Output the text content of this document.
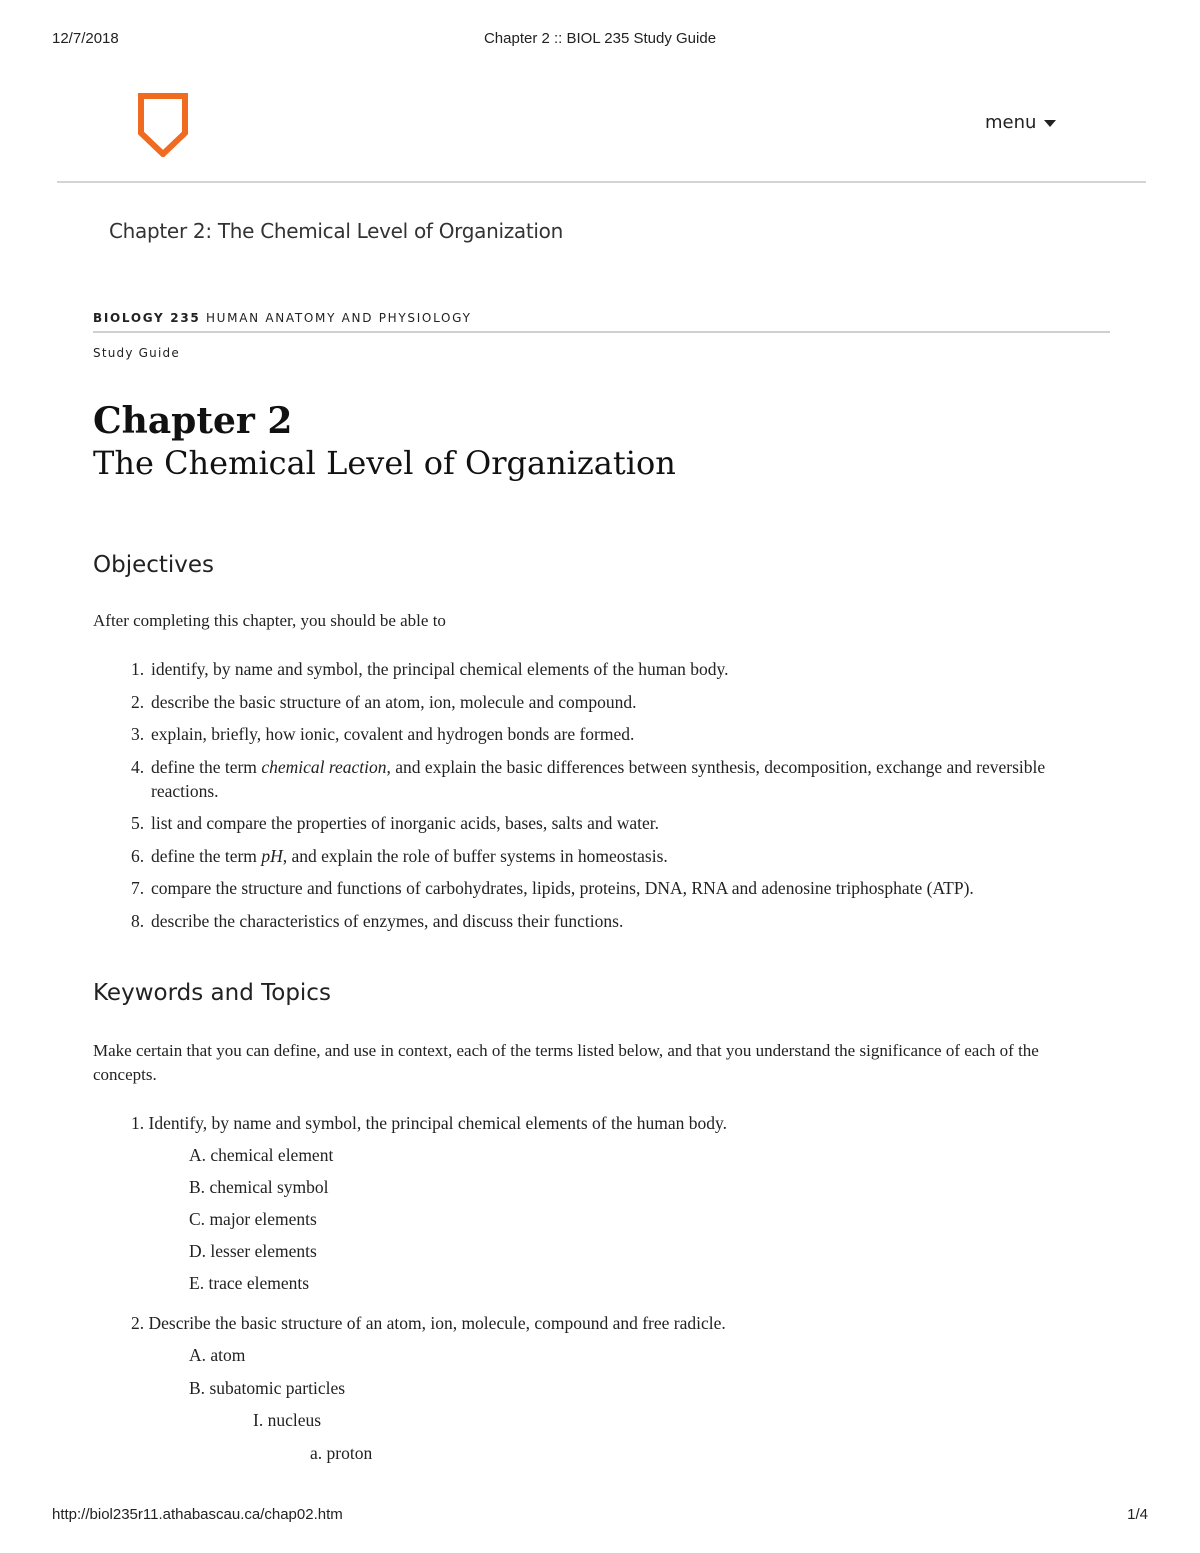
12/7/2018	Chapter 2 :: BIOL 235 Study Guide
menu
Chapter 2: The Chemical Level of Organization
BIOLOGY 235 HUMAN ANATOMY AND PHYSIOLOGY
Study Guide
Chapter 2
The Chemical Level of Organization
Objectives
After completing this chapter, you should be able to
1. identify, by name and symbol, the principal chemical elements of the human body.
2. describe the basic structure of an atom, ion, molecule and compound.
3. explain, briefly, how ionic, covalent and hydrogen bonds are formed.
4. define the term chemical reaction, and explain the basic differences between synthesis, decomposition, exchange and reversible reactions.
5. list and compare the properties of inorganic acids, bases, salts and water.
6. define the term pH, and explain the role of buffer systems in homeostasis.
7. compare the structure and functions of carbohydrates, lipids, proteins, DNA, RNA and adenosine triphosphate (ATP).
8. describe the characteristics of enzymes, and discuss their functions.
Keywords and Topics
Make certain that you can define, and use in context, each of the terms listed below, and that you understand the significance of each of the concepts.
1. Identify, by name and symbol, the principal chemical elements of the human body.
A. chemical element
B. chemical symbol
C. major elements
D. lesser elements
E. trace elements
2. Describe the basic structure of an atom, ion, molecule, compound and free radicle.
A. atom
B. subatomic particles
I. nucleus
a. proton
http://biol235r11.athabascau.ca/chap02.htm	1/4
